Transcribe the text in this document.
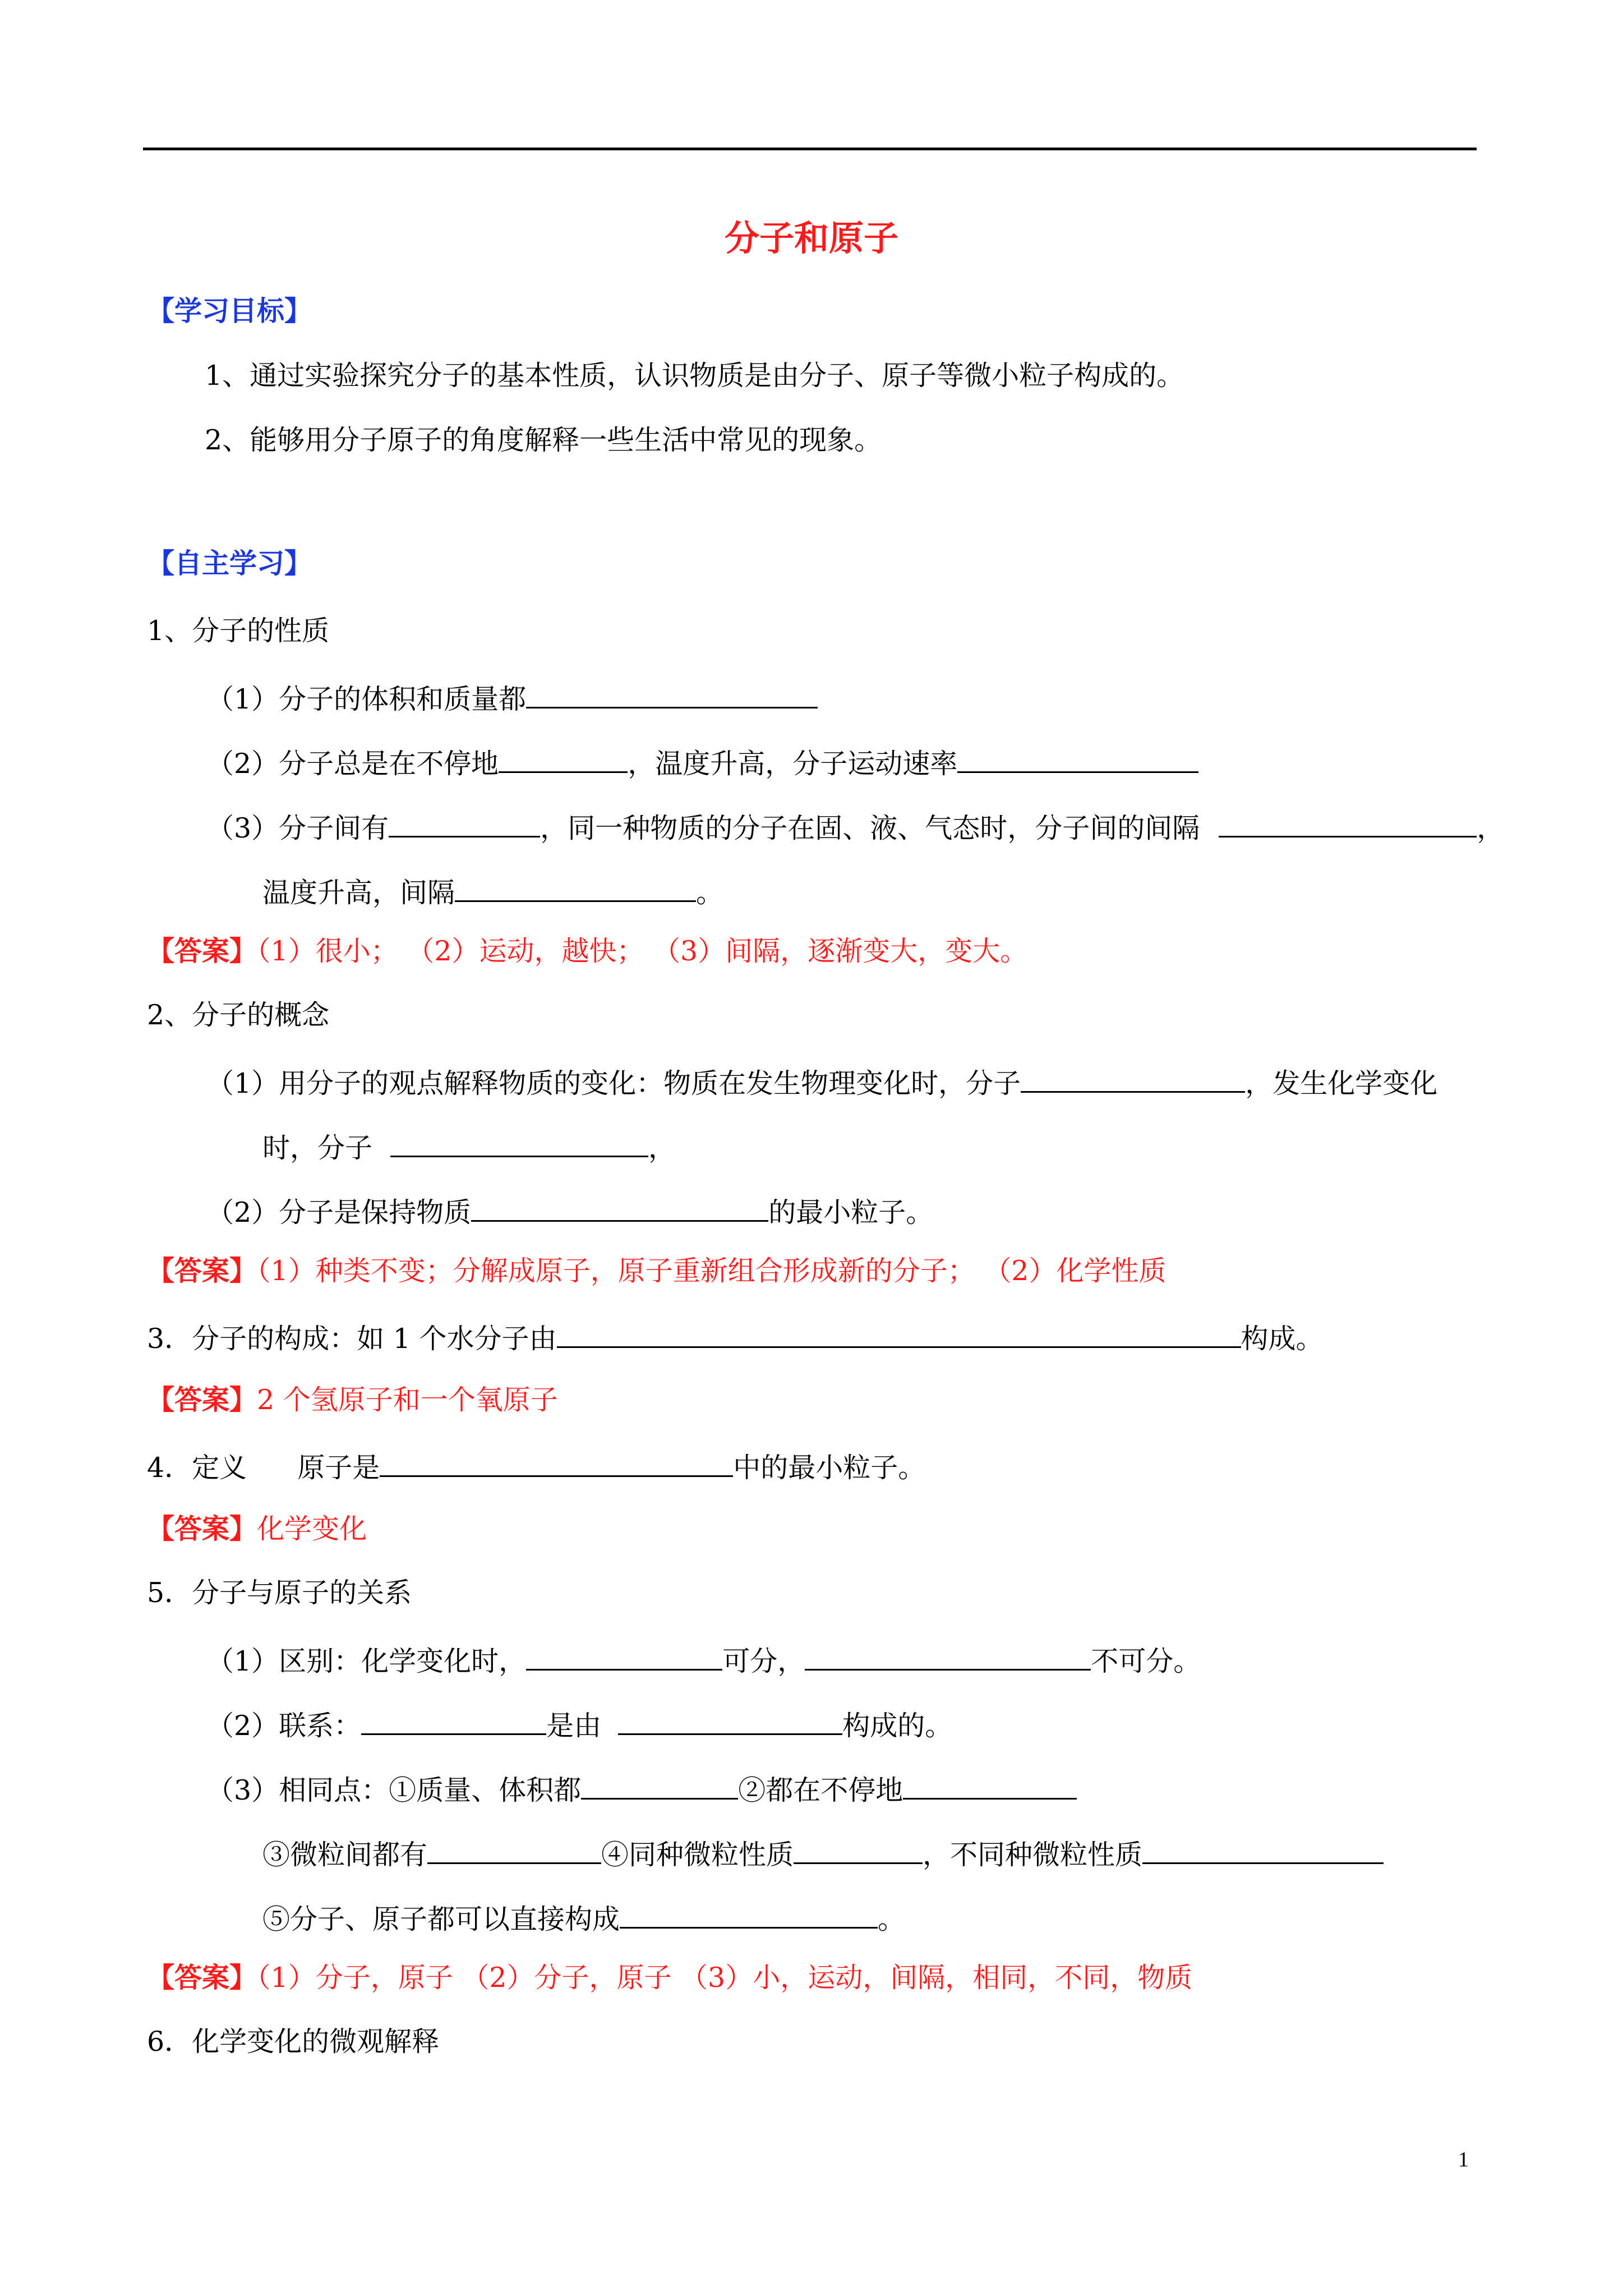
分子和原子
【学习目标】
1、通过实验探究分子的基本性质，认识物质是由分子、原子等微小粒子构成的。
2、能够用分子原子的角度解释一些生活中常见的现象。
【自主学习】
1、分子的性质
（1）分子的体积和质量都
（2）分子总是在不停地	，温度升高，分子运动速率
（3）分子间有	，同一种物质的分子在固、液、气态时，分子间的间隔	，
温度升高，间隔	。
【答案】（1）很小； （2）运动，越快； （3）间隔，逐渐变大，变大。
2、分子的概念
（1）用分子的观点解释物质的变化：物质在发生物理变化时，分子	，发生化学变化
时，分子	，
（2）分子是保持物质	的最小粒子。
【答案】（1）种类不变；分解成原子，原子重新组合形成新的分子； （2）化学性质
3．分子的构成：如 1 个水分子由	构成。
【答案】2 个氢原子和一个氧原子
4．定义 原子是	中的最小粒子。
【答案】化学变化
5．分子与原子的关系
（1）区别：化学变化时，	可分，	不可分。
（2）联系：	是由	构成的。
（3）相同点：①质量、体积都	②都在不停地
③微粒间都有	④同种微粒性质	，不同种微粒性质
⑤分子、原子都可以直接构成	。
【答案】（1）分子，原子 （2）分子，原子 （3）小，运动，间隔，相同，不同，物质
6．化学变化的微观解释
1
